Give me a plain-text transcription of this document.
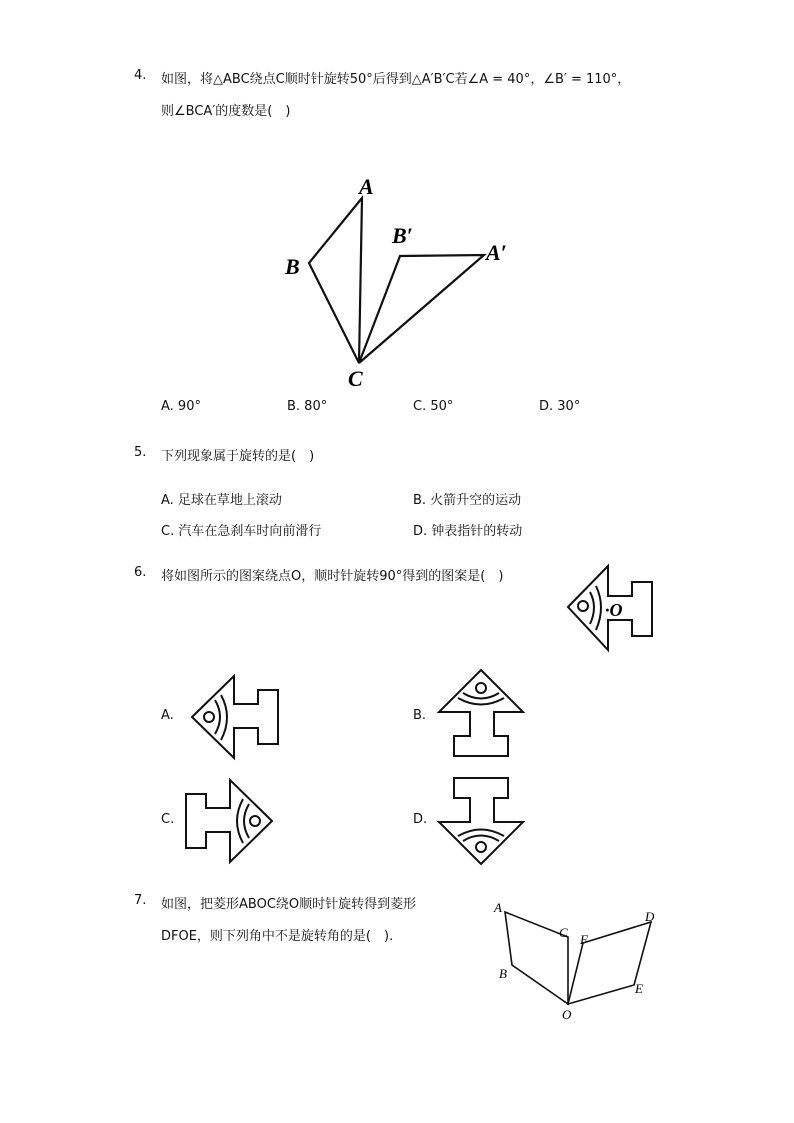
4. 如图，将△ABC绕点C顺时针旋转50°后得到△A′B′C若∠A = 40°，∠B′ = 110°，
则∠BCA′的度数是(　)
A
B
C
B′
A′
A. 90°	B. 80°	C. 50°	D. 30°
5. 下列现象属于旋转的是(　)
A. 足球在草地上滚动	B. 火箭升空的运动
C. 汽车在急刹车时向前滑行	D. 钟表指针的转动
6. 将如图所示的图案绕点O，顺时针旋转90°得到的图案是(　)
·O
A.	B.
C.	D.
7. 如图，把菱形ABOC绕O顺时针旋转得到菱形
DFOE，则下列角中不是旋转角的是(　).
A
B
C F
D
E
O
